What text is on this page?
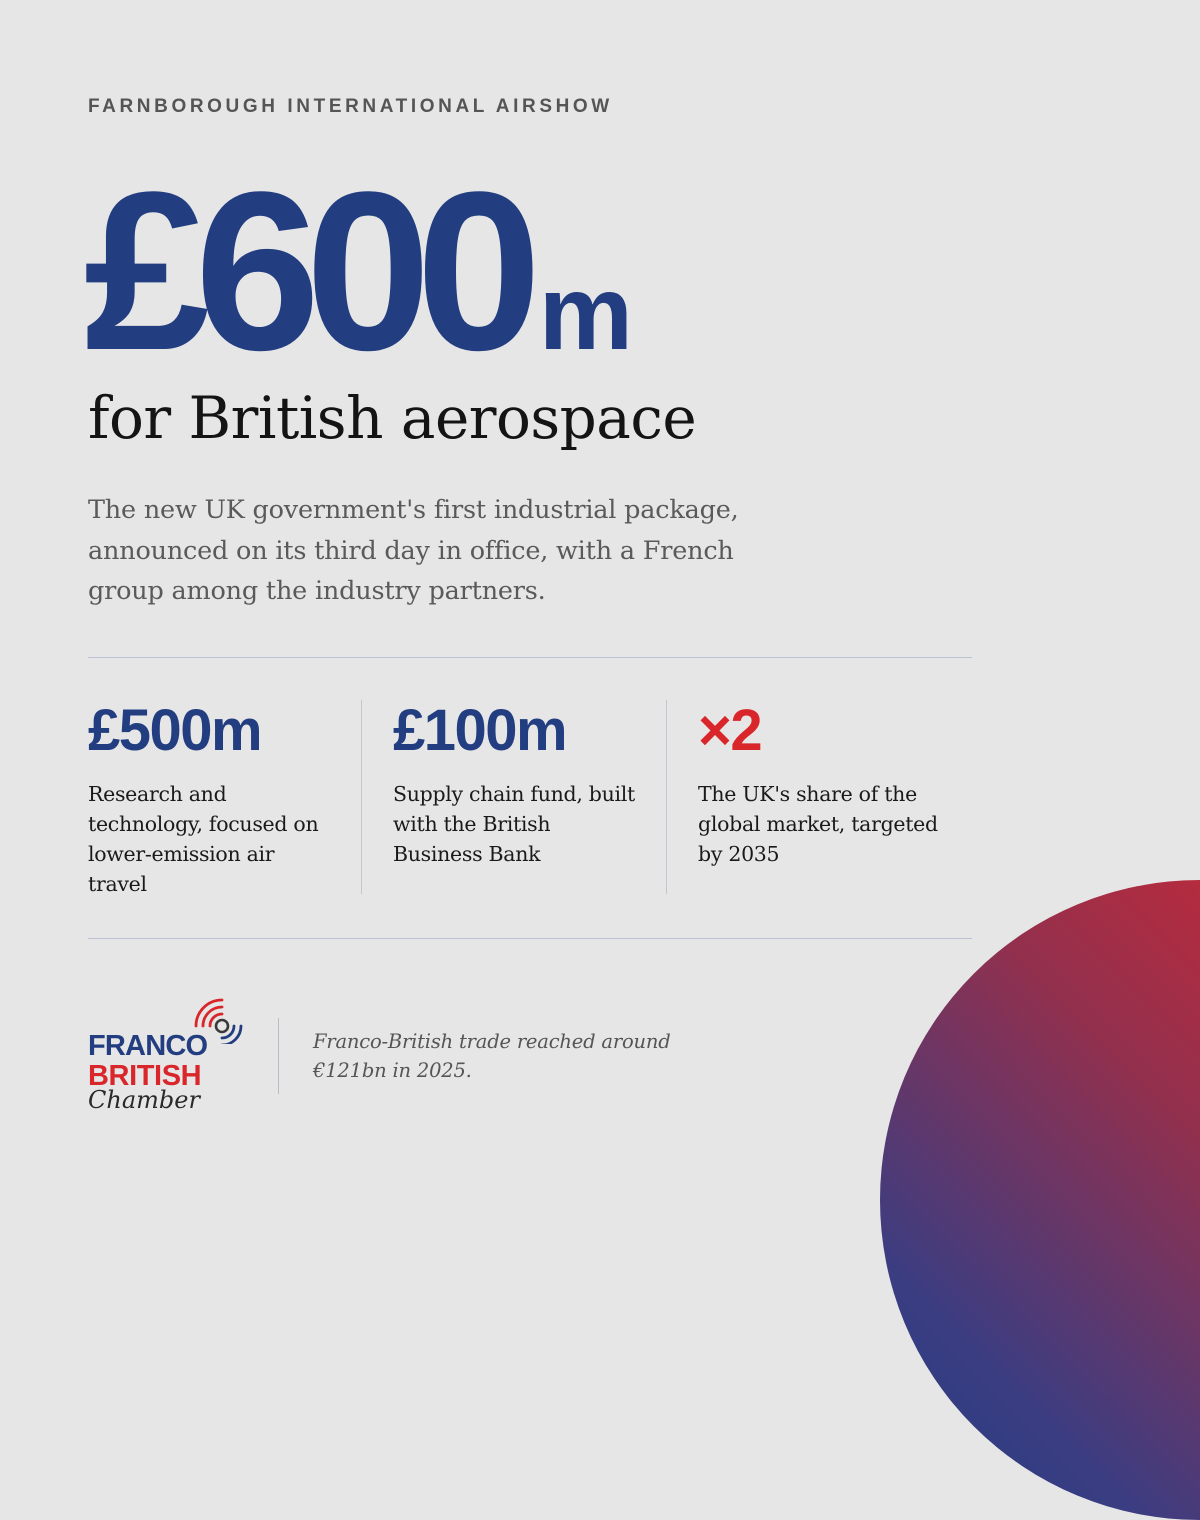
FARNBOROUGH INTERNATIONAL AIRSHOW
£600 m
for British aerospace
The new UK government's first industrial package, announced on its third day in office, with a French group among the industry partners.
£500m
Research and technology, focused on lower-emission air travel
£100m
Supply chain fund, built with the British Business Bank
×2
The UK's share of the global market, targeted by 2035
FRANCO
BRITISH
Chamber
Franco-British trade reached around €121bn in 2025.
